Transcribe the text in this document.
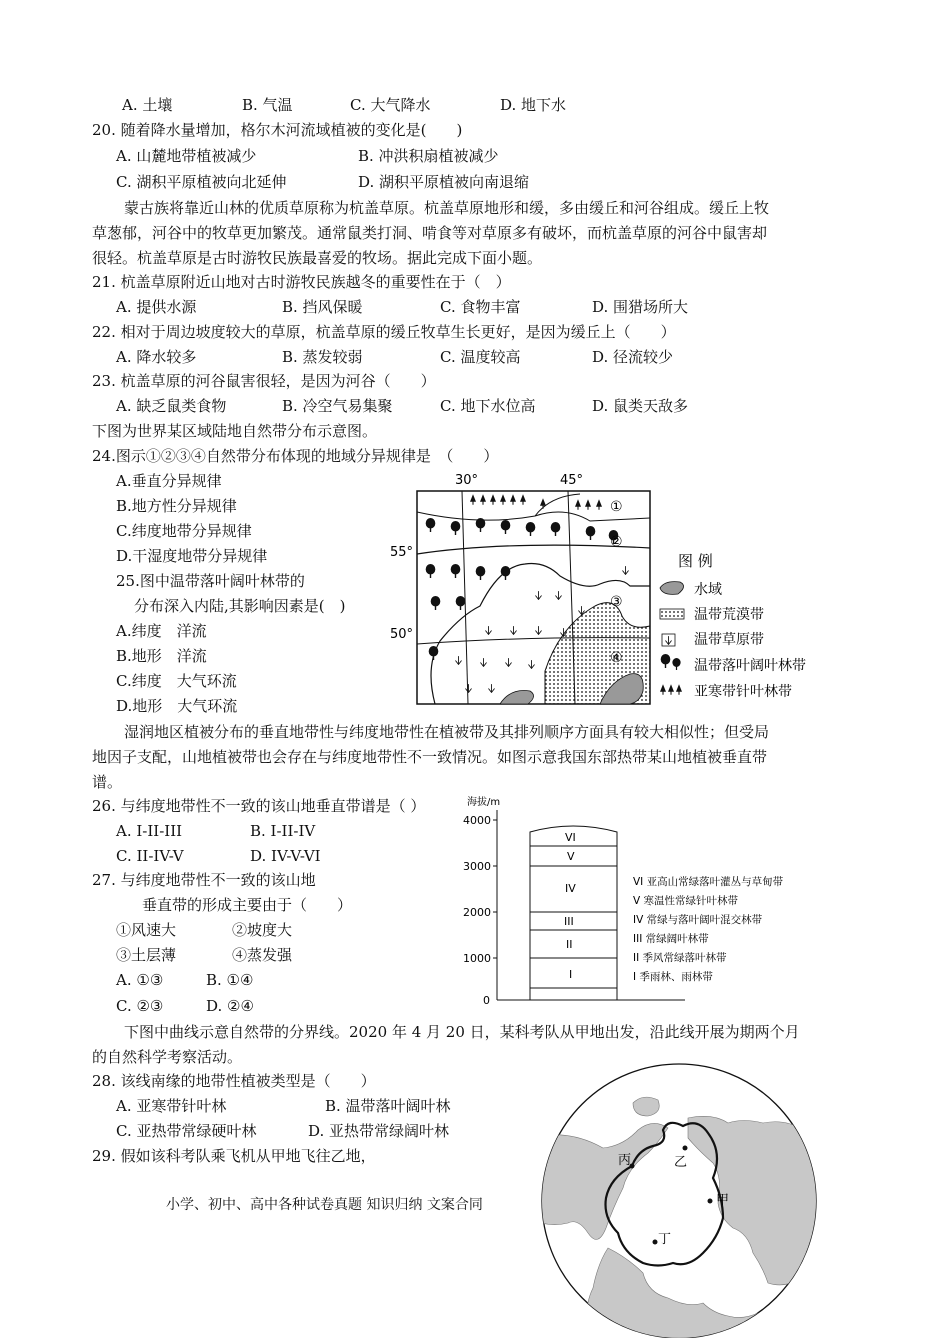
A. 土壤	B. 气温	C. 大气降水	D. 地下水
20. 随着降水量增加，格尔木河流域植被的变化是(　　)
A. 山麓地带植被减少	B. 冲洪积扇植被减少
C. 湖积平原植被向北延伸	D. 湖积平原植被向南退缩
蒙古族将靠近山林的优质草原称为杭盖草原。杭盖草原地形和缓，多由缓丘和河谷组成。缓丘上牧
草葱郁，河谷中的牧草更加繁茂。通常鼠类打洞、啃食等对草原多有破坏，而杭盖草原的河谷中鼠害却
很轻。杭盖草原是古时游牧民族最喜爱的牧场。据此完成下面小题。
21. 杭盖草原附近山地对古时游牧民族越冬的重要性在于（　）
A. 提供水源	B. 挡风保暖	C. 食物丰富	D. 围猎场所大
22. 相对于周边坡度较大的草原，杭盖草原的缓丘牧草生长更好，是因为缓丘上（　　）
A. 降水较多	B. 蒸发较弱	C. 温度较高	D. 径流较少
23. 杭盖草原的河谷鼠害很轻，是因为河谷（　　）
A. 缺乏鼠类食物	B. 冷空气易集聚	C. 地下水位高	D. 鼠类天敌多
下图为世界某区域陆地自然带分布示意图。
24.图示①②③④自然带分布体现的地域分异规律是　（　　）
A.垂直分异规律
B.地方性分异规律
C.纬度地带分异规律
D.干湿度地带分异规律
25.图中温带落叶阔叶林带的
分布深入内陆,其影响因素是(　)
A.纬度　洋流
B.地形　洋流
C.纬度　大气环流
D.地形　大气环流
30°	45°
55°
50°
①
②
③
④
图 例
水域
温带荒漠带
温带草原带
温带落叶阔叶林带
亚寒带针叶林带
湿润地区植被分布的垂直地带性与纬度地带性在植被带及其排列顺序方面具有较大相似性；但受局
地因子支配，山地植被带也会存在与纬度地带性不一致情况。如图示意我国东部热带某山地植被垂直带
谱。
26. 与纬度地带性不一致的该山地垂直带谱是（ ）
A. I-II-III	B. I-II-IV
C. II-IV-V	D. IV-V-VI
27. 与纬度地带性不一致的该山地
垂直带的形成主要由于（　　）
①风速大	②坡度大
③土层薄	④蒸发强
A. ①③	B. ①④
C. ②③	D. ②④
海拔/m
4000
3000
2000
1000
0
I
II
III
IV
V
VI
VI 亚高山常绿落叶灌丛与草甸带
V 寒温性常绿针叶林带
IV 常绿与落叶阔叶混交林带
III 常绿阔叶林带
II 季风常绿落叶林带
I 季雨林、雨林带
下图中曲线示意自然带的分界线。2020 年 4 月 20 日，某科考队从甲地出发，沿此线开展为期两个月
的自然科学考察活动。
28. 该线南缘的地带性植被类型是（　　）
A. 亚寒带针叶林	B. 温带落叶阔叶林
C. 亚热带常绿硬叶林	D. 亚热带常绿阔叶林
29. 假如该科考队乘飞机从甲地飞往乙地，
小学、初中、高中各种试卷真题 知识归纳 文案合同
丙	乙
甲
丁
